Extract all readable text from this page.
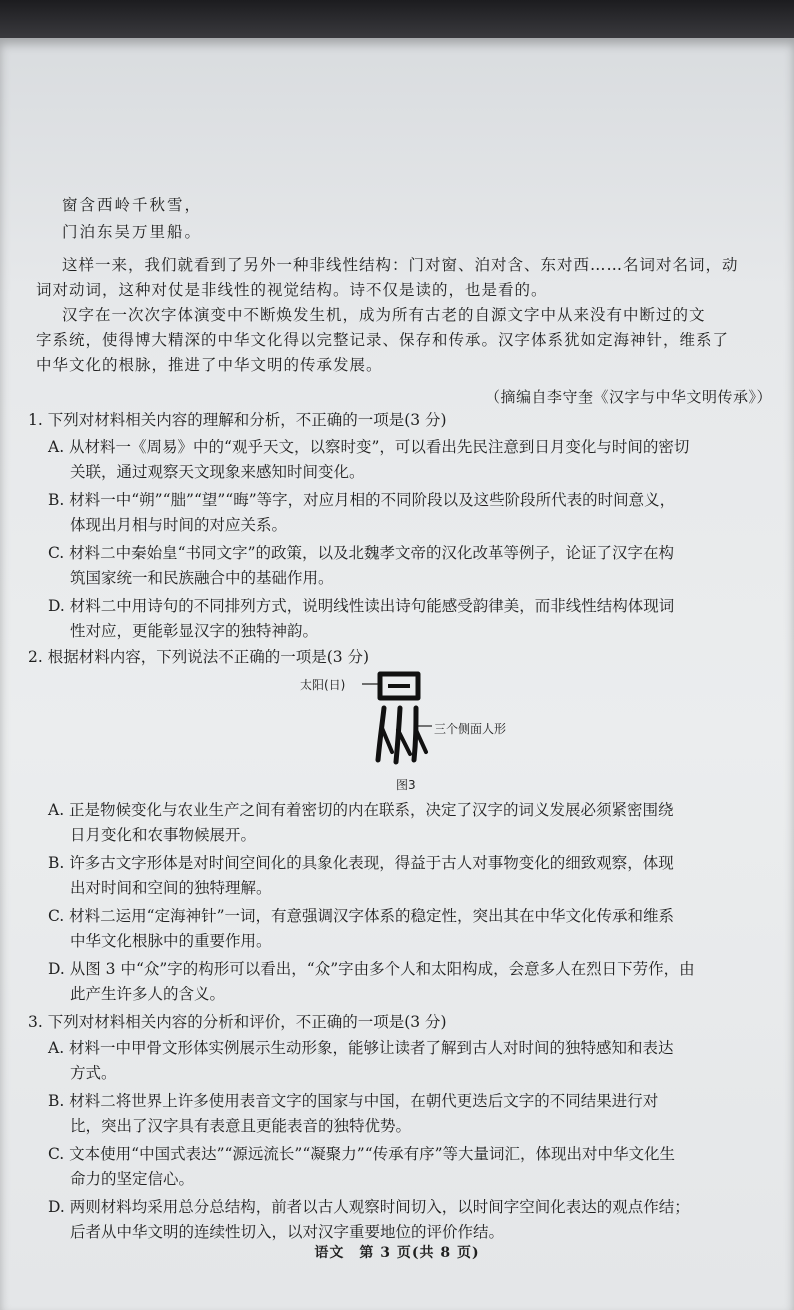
窗含西岭千秋雪，
门泊东吴万里船。
这样一来，我们就看到了另外一种非线性结构：门对窗、泊对含、东对西……名词对名词，动
词对动词，这种对仗是非线性的视觉结构。诗不仅是读的，也是看的。
汉字在一次次字体演变中不断焕发生机，成为所有古老的自源文字中从来没有中断过的文
字系统，使得博大精深的中华文化得以完整记录、保存和传承。汉字体系犹如定海神针，维系了
中华文化的根脉，推进了中华文明的传承发展。
（摘编自李守奎《汉字与中华文明传承》）
1. 下列对材料相关内容的理解和分析，不正确的一项是(3 分)
A. 从材料一《周易》中的“观乎天文，以察时变”，可以看出先民注意到日月变化与时间的密切
关联，通过观察天文现象来感知时间变化。
B. 材料一中“朔”“朏”“望”“晦”等字，对应月相的不同阶段以及这些阶段所代表的时间意义，
体现出月相与时间的对应关系。
C. 材料二中秦始皇“书同文字”的政策，以及北魏孝文帝的汉化改革等例子，论证了汉字在构
筑国家统一和民族融合中的基础作用。
D. 材料二中用诗句的不同排列方式，说明线性读出诗句能感受韵律美，而非线性结构体现词
性对应，更能彰显汉字的独特神韵。
2. 根据材料内容，下列说法不正确的一项是(3 分)
太阳(日)
三个侧面人形
图3
A. 正是物候变化与农业生产之间有着密切的内在联系，决定了汉字的词义发展必须紧密围绕
日月变化和农事物候展开。
B. 许多古文字形体是对时间空间化的具象化表现，得益于古人对事物变化的细致观察，体现
出对时间和空间的独特理解。
C. 材料二运用“定海神针”一词，有意强调汉字体系的稳定性，突出其在中华文化传承和维系
中华文化根脉中的重要作用。
D. 从图 3 中“众”字的构形可以看出，“众”字由多个人和太阳构成，会意多人在烈日下劳作，由
此产生许多人的含义。
3. 下列对材料相关内容的分析和评价，不正确的一项是(3 分)
A. 材料一中甲骨文形体实例展示生动形象，能够让读者了解到古人对时间的独特感知和表达
方式。
B. 材料二将世界上许多使用表音文字的国家与中国，在朝代更迭后文字的不同结果进行对
比，突出了汉字具有表意且更能表音的独特优势。
C. 文本使用“中国式表达”“源远流长”“凝聚力”“传承有序”等大量词汇，体现出对中华文化生
命力的坚定信心。
D. 两则材料均采用总分总结构，前者以古人观察时间切入，以时间字空间化表达的观点作结；
后者从中华文明的连续性切入，以对汉字重要地位的评价作结。
语文　第 3 页(共 8 页)
